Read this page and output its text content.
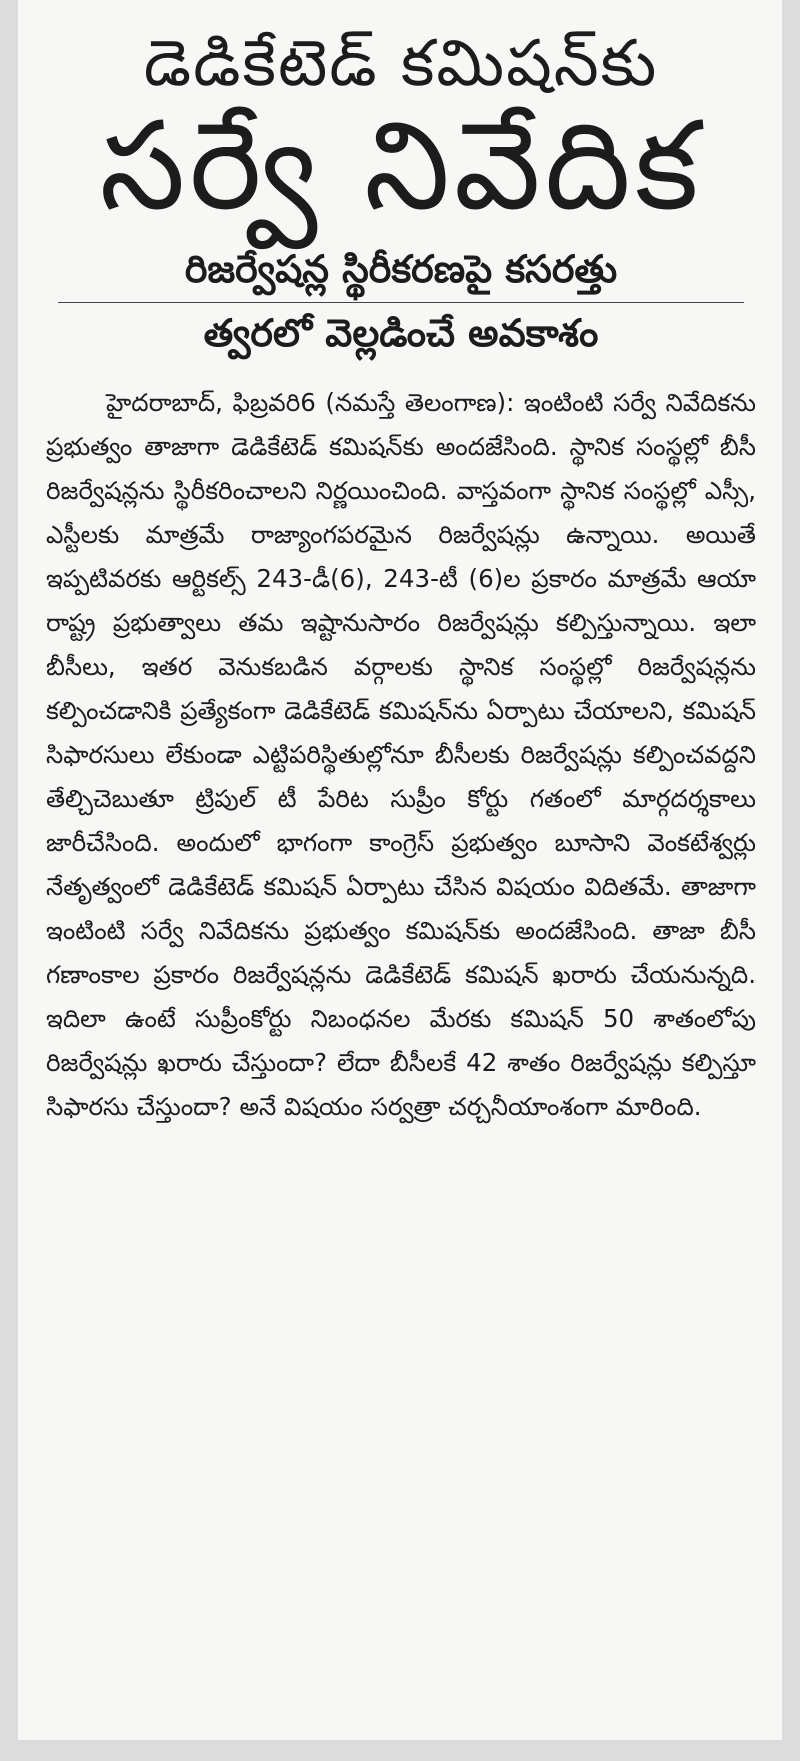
డెడికేటెడ్ కమిషన్‌కు
సర్వే నివేదిక
రిజర్వేషన్ల స్థిరీకరణపై కసరత్తు
త్వరలో వెల్లడించే అవకాశం

హైదరాబాద్‌, ఫిబ్రవరి6 (నమస్తే తెలంగాణ): ఇంటింటి సర్వే నివేదికను ప్రభుత్వం తాజాగా డెడికేటెడ్‌ కమిషన్‌కు అందజేసింది. స్థానిక సంస్థల్లో బీసీ రిజర్వేషన్లను స్థిరీకరించాలని నిర్ణయించింది. వాస్తవంగా స్థానిక సంస్థల్లో ఎస్సీ, ఎస్టీలకు మాత్రమే రాజ్యాంగపరమైన రిజర్వేషన్లు ఉన్నాయి. అయితే ఇప్పటివరకు ఆర్టికల్స్‌ 243-డీ(6), 243-టీ (6)ల ప్రకారం మాత్రమే ఆయా రాష్ట్ర ప్రభుత్వాలు తమ ఇష్టానుసారం రిజర్వేషన్లు కల్పిస్తున్నాయి. ఇలా బీసీలు, ఇతర వెనుకబడిన వర్గాలకు స్థానిక సంస్థల్లో రిజర్వేషన్లను కల్పించడానికి ప్రత్యేకంగా డెడికేటెడ్‌ కమిషన్‌ను ఏర్పాటు చేయాలని, కమిషన్‌ సిఫారసులు లేకుండా ఎట్టిపరిస్థితుల్లోనూ బీసీలకు రిజర్వేషన్లు కల్పించవద్దని తేల్చిచెబుతూ ట్రిపుల్‌ టీ పేరిట సుప్రీం కోర్టు గతంలో మార్గదర్శకాలు జారీచేసింది. అందులో భాగంగా కాంగ్రెస్‌ ప్రభుత్వం బూసాని వెంకటేశ్వర్లు నేతృత్వంలో డెడికేటెడ్‌ కమిషన్‌ ఏర్పాటు చేసిన విషయం విదితమే. తాజాగా ఇంటింటి సర్వే నివేదికను ప్రభుత్వం కమిషన్‌కు అందజేసింది. తాజా బీసీ గణాంకాల ప్రకారం రిజర్వేషన్లను డెడికేటెడ్‌ కమిషన్‌ ఖరారు చేయనున్నది. ఇదిలా ఉంటే సుప్రీంకోర్టు నిబంధనల మేరకు కమిషన్‌ 50 శాతంలోపు రిజర్వేషన్లు ఖరారు చేస్తుందా? లేదా బీసీలకే 42 శాతం రిజర్వేషన్లు కల్పిస్తూ సిఫారసు చేస్తుందా? అనే విషయం సర్వత్రా చర్చనీయాంశంగా మారింది.
